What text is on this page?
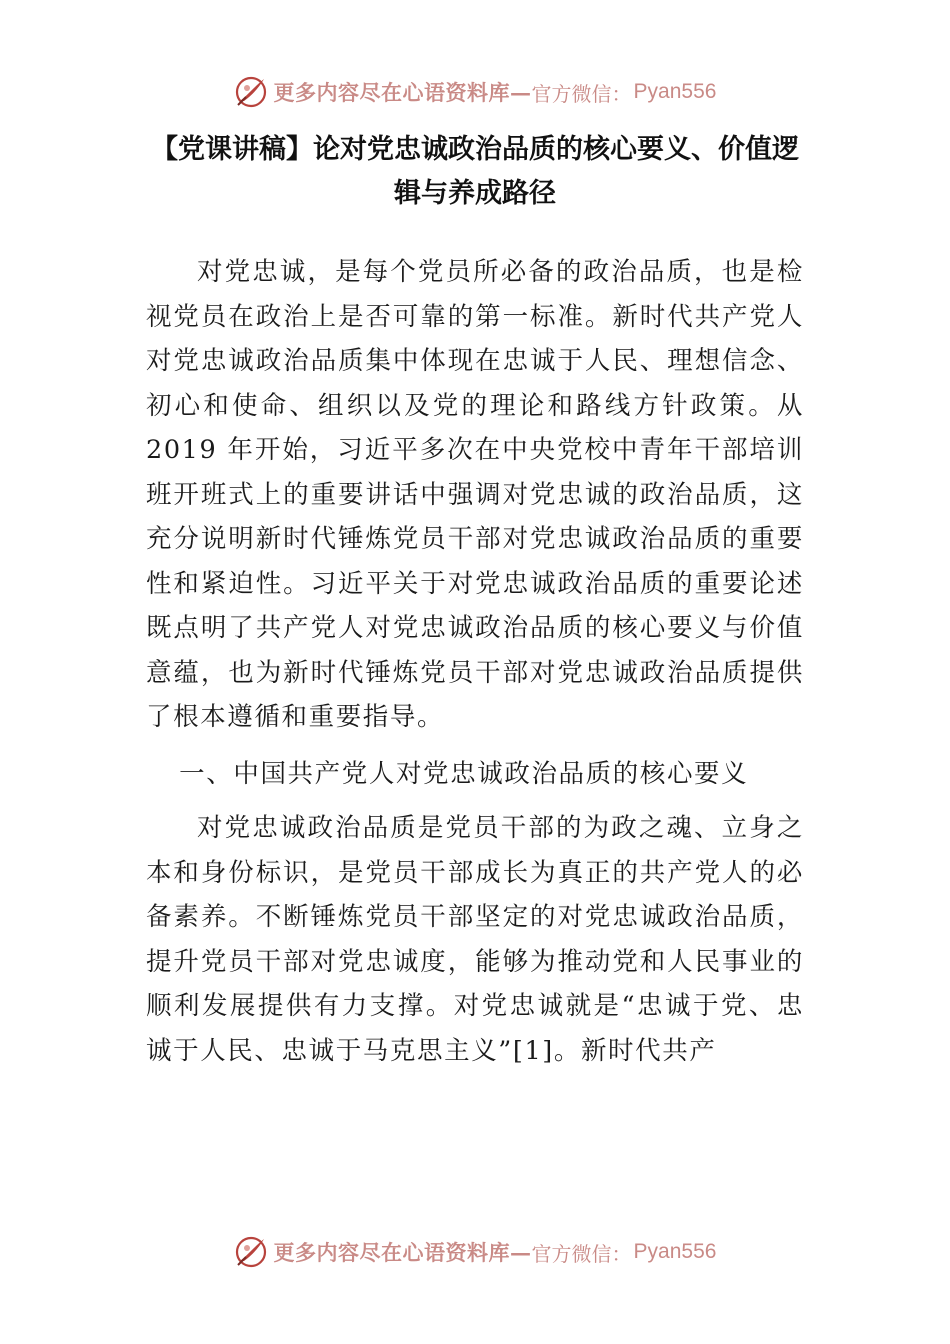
更多内容尽在心语资料库— 官方微信： Pyan556
【党课讲稿】论对党忠诚政治品质的核心要义、价值逻辑与养成路径

对党忠诚，是每个党员所必备的政治品质，也是检视党员在政治上是否可靠的第一标准。新时代共产党人对党忠诚政治品质集中体现在忠诚于人民、理想信念、初心和使命、组织以及党的理论和路线方针政策。从 2019 年开始，习近平多次在中央党校中青年干部培训班开班式上的重要讲话中强调对党忠诚的政治品质，这充分说明新时代锤炼党员干部对党忠诚政治品质的重要性和紧迫性。习近平关于对党忠诚政治品质的重要论述既点明了共产党人对党忠诚政治品质的核心要义与价值意蕴，也为新时代锤炼党员干部对党忠诚政治品质提供了根本遵循和重要指导。

一、中国共产党人对党忠诚政治品质的核心要义

对党忠诚政治品质是党员干部的为政之魂、立身之本和身份标识，是党员干部成长为真正的共产党人的必备素养。不断锤炼党员干部坚定的对党忠诚政治品质，提升党员干部对党忠诚度，能够为推动党和人民事业的顺利发展提供有力支撑。对党忠诚就是“忠诚于党、忠诚于人民、忠诚于马克思主义”[1]。新时代共产

更多内容尽在心语资料库— 官方微信： Pyan556
